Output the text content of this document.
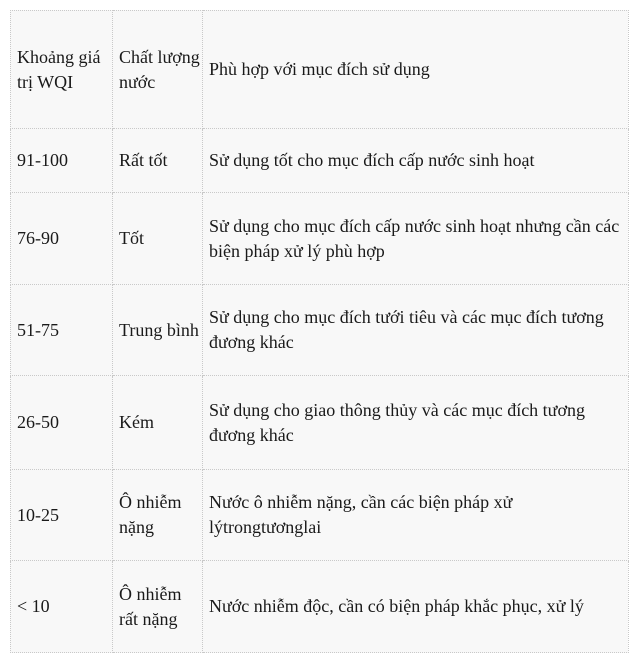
Khoảng giá trị WQI	Chất lượng nước	Phù hợp với mục đích sử dụng

91-100	Rất tốt	Sử dụng tốt cho mục đích cấp nước sinh hoạt
76-90	Tốt	Sử dụng cho mục đích cấp nước sinh hoạt nhưng cần các biện pháp xử lý phù hợp
51-75	Trung bình	Sử dụng cho mục đích tưới tiêu và các mục đích tương đương khác
26-50	Kém	Sử dụng cho giao thông thủy và các mục đích tương đương khác
10-25	Ô nhiễm nặng	Nước ô nhiễm nặng, cần các biện pháp xử lýtrongtươnglai
< 10	Ô nhiễm rất nặng	Nước nhiễm độc, cần có biện pháp khắc phục, xử lý
